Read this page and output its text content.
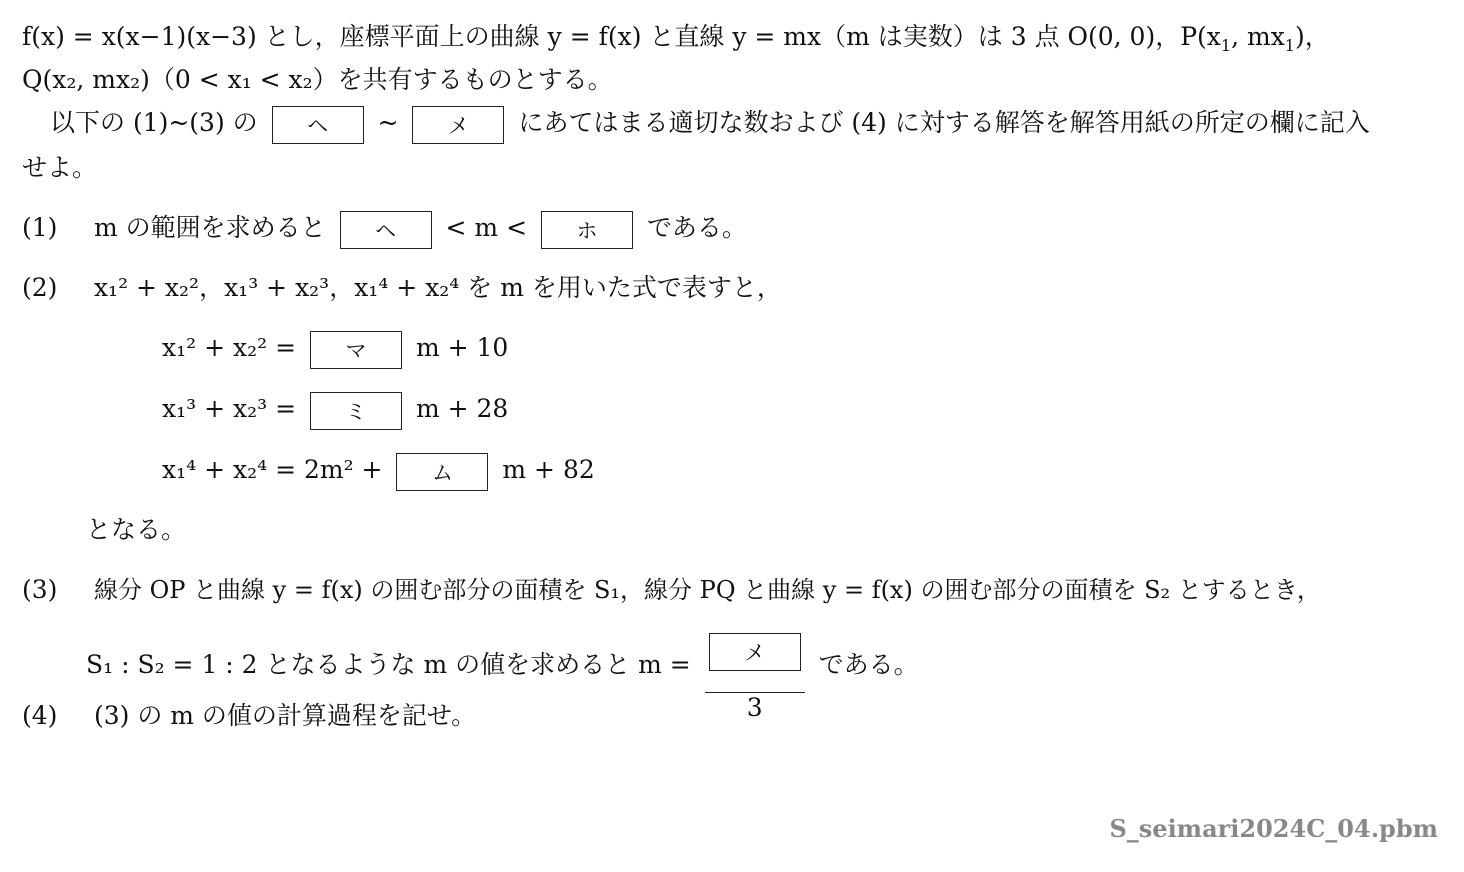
f(x) = x(x−1)(x−3) とし，座標平面上の曲線 y = f(x) と直線 y = mx（m は実数）は 3 点 O(0, 0)，$P(x_1$, $mx_1$)，
Q(x₂, mx₂)（0 < x₁ < x₂）を共有するものとする。
以下の (1)~(3) の ヘ ~ メ にあてはまる適切な数および (4) に対する解答を解答用紙の所定の欄に記入
せよ。
(1) m の範囲を求めると ヘ < m < ホ である。
(2) x₁² + x₂²，x₁³ + x₂³，x₁⁴ + x₂⁴ を m を用いた式で表すと，
x₁² + x₂² = マ m + 10
x₁³ + x₂³ = ミ m + 28
x₁⁴ + x₂⁴ = 2m² + ム m + 82
となる。
(3) 線分 OP と曲線 y = f(x) の囲む部分の面積を S₁，線分 PQ と曲線 y = f(x) の囲む部分の面積を S₂ とするとき，
S₁ : S₂ = 1 : 2 となるような m の値を求めると $m = \frac{\text{メ}}{3}$ である。
(4) (3) の m の値の計算過程を記せ。
S_seimari2024C_04.pbm
